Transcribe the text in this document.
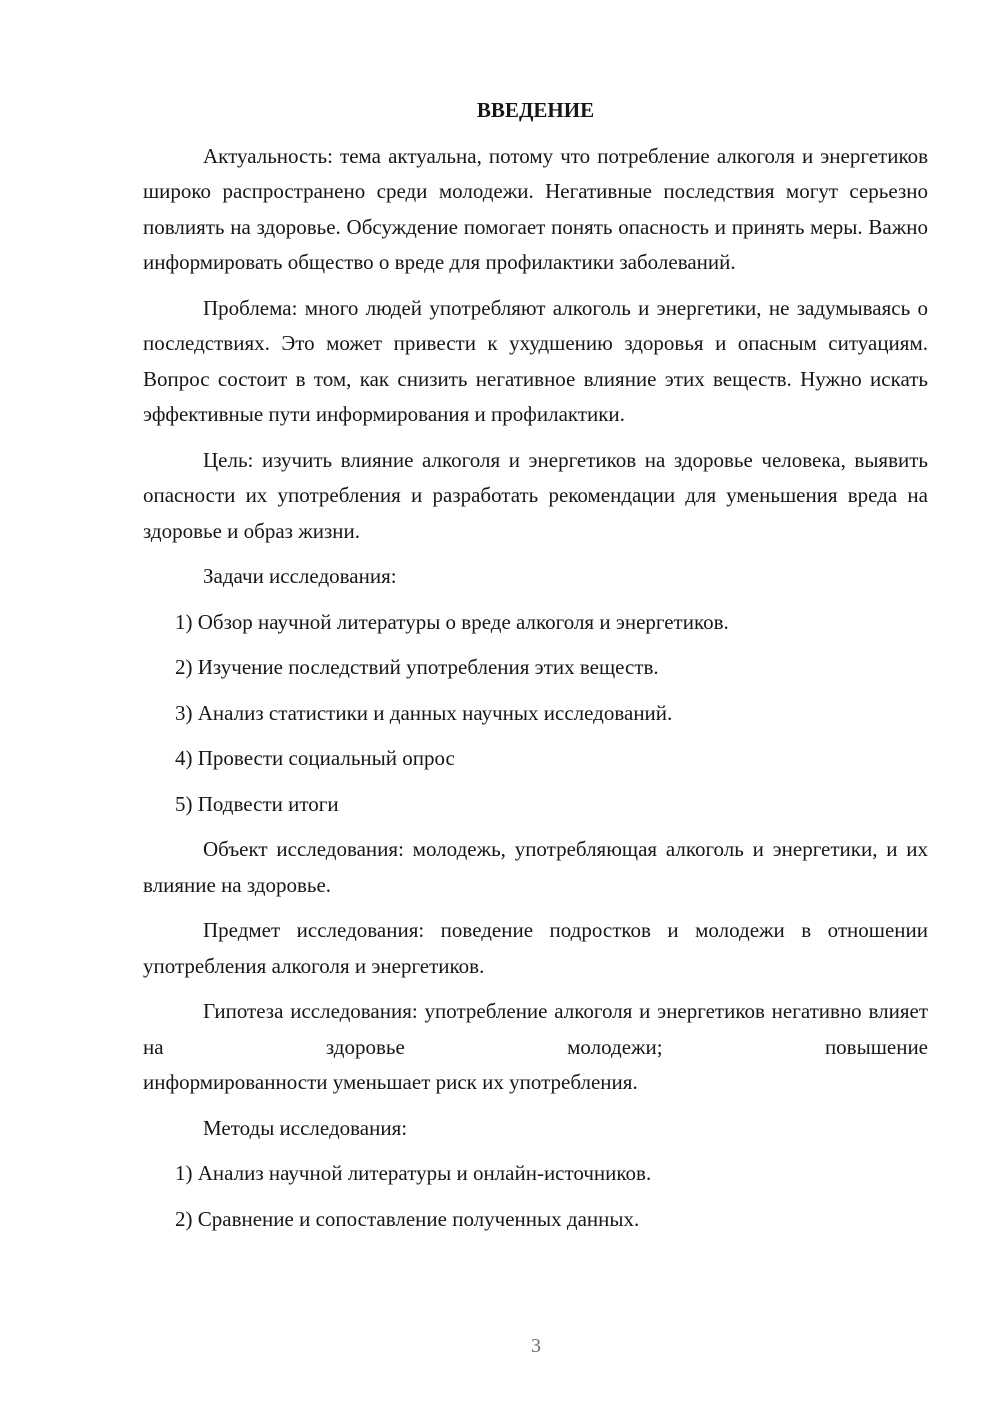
ВВЕДЕНИЕ

Актуальность: тема актуальна, потому что потребление алкоголя и энергетиков широко распространено среди молодежи. Негативные последствия могут серьезно повлиять на здоровье. Обсуждение помогает понять опасность и принять меры. Важно информировать общество о вреде для профилактики заболеваний.

Проблема: много людей употребляют алкоголь и энергетики, не задумываясь о последствиях. Это может привести к ухудшению здоровья и опасным ситуациям. Вопрос состоит в том, как снизить негативное влияние этих веществ. Нужно искать эффективные пути информирования и профилактики.

Цель: изучить влияние алкоголя и энергетиков на здоровье человека, выявить опасности их употребления и разработать рекомендации для уменьшения вреда на здоровье и образ жизни.

Задачи исследования:

1) Обзор научной литературы о вреде алкоголя и энергетиков.
2) Изучение последствий употребления этих веществ.
3) Анализ статистики и данных научных исследований.
4) Провести социальный опрос
5) Подвести итоги

Объект исследования: молодежь, употребляющая алкоголь и энергетики, и их влияние на здоровье.

Предмет исследования: поведение подростков и молодежи в отношении употребления алкоголя и энергетиков.

Гипотеза исследования: употребление алкоголя и энергетиков негативно влияет на здоровье молодежи; повышение

информированности уменьшает риск их употребления.

Методы исследования:

1) Анализ научной литературы и онлайн-источников.
2) Сравнение и сопоставление полученных данных.
3
